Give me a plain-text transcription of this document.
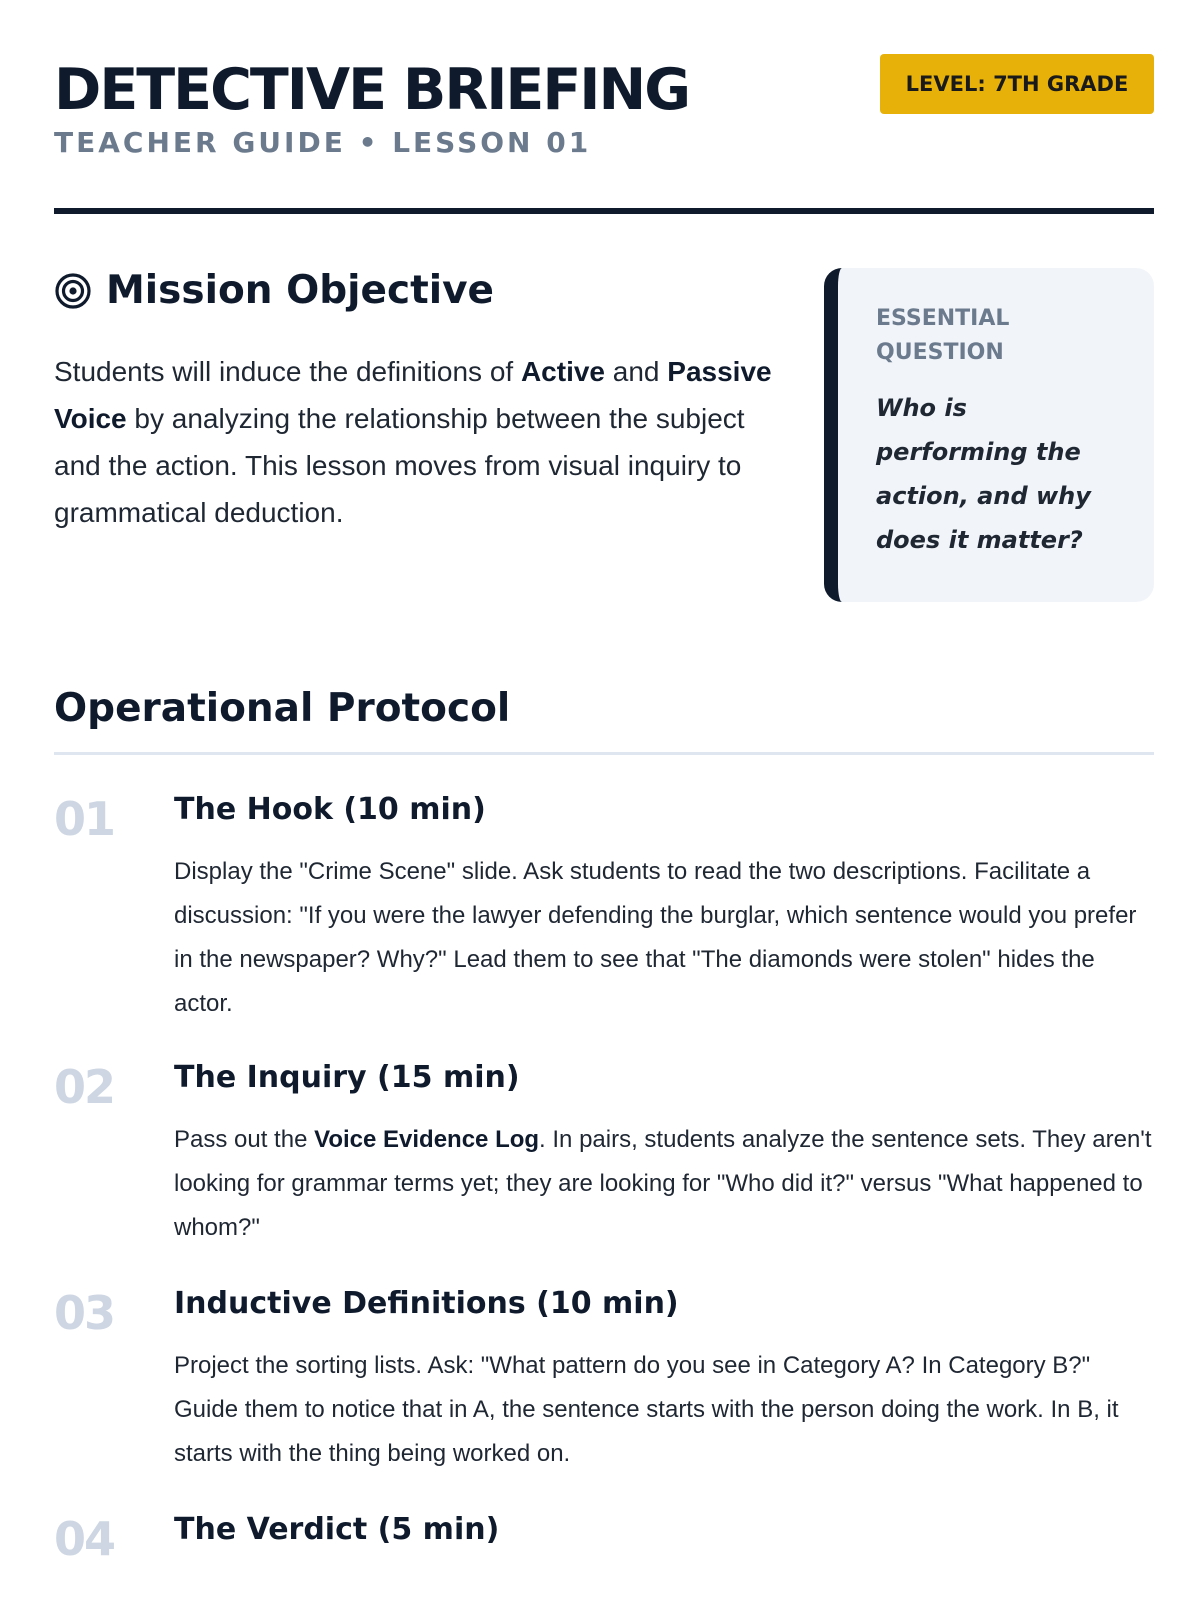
DETECTIVE BRIEFING
TEACHER GUIDE • LESSON 01
LEVEL: 7TH GRADE
Mission Objective

Students will induce the definitions of Active and Passive Voice by analyzing the relationship between the subject and the action. This lesson moves from visual inquiry to grammatical deduction.

ESSENTIAL QUESTION

Who is performing the action, and why does it matter?

Operational Protocol
01 The Hook (10 min)

Display the "Crime Scene" slide. Ask students to read the two descriptions. Facilitate a discussion: "If you were the lawyer defending the burglar, which sentence would you prefer in the newspaper? Why?" Lead them to see that "The diamonds were stolen" hides the actor.

02 The Inquiry (15 min)

Pass out the Voice Evidence Log. In pairs, students analyze the sentence sets. They aren't looking for grammar terms yet; they are looking for "Who did it?" versus "What happened to whom?"

03 Inductive Definitions (10 min)

Project the sorting lists. Ask: "What pattern do you see in Category A? In Category B?" Guide them to notice that in A, the sentence starts with the person doing the work. In B, it starts with the thing being worked on.

04 The Verdict (5 min)
